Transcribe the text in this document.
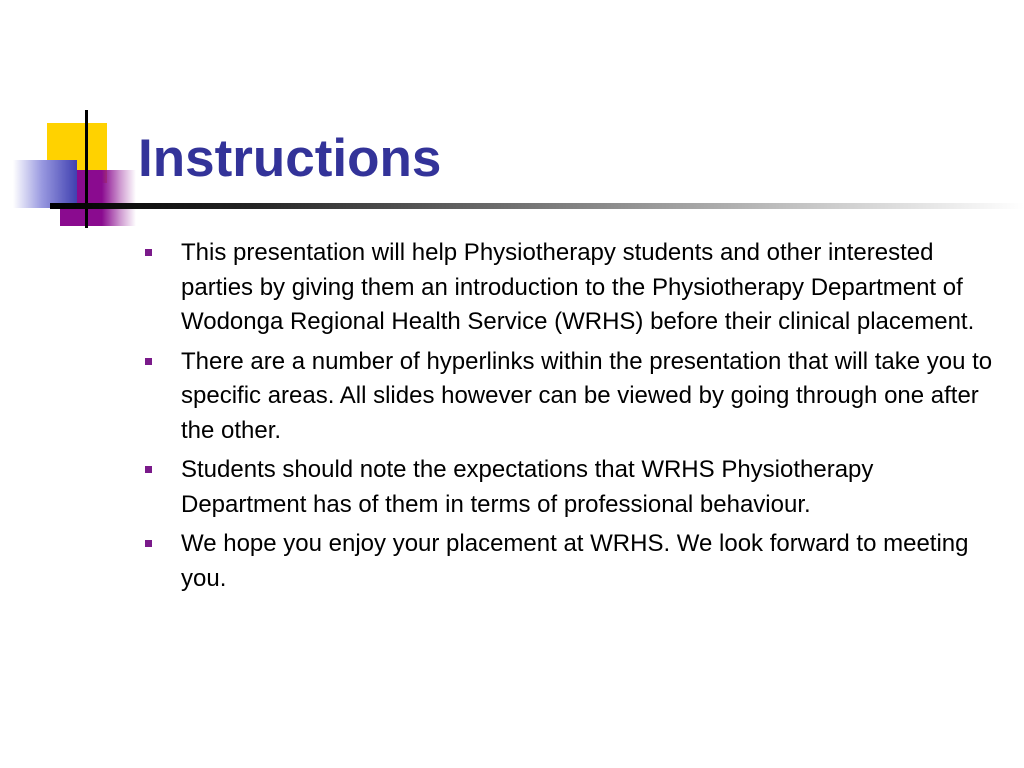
Instructions
This presentation will help Physiotherapy students and other interested parties by giving them an introduction to the Physiotherapy Department of Wodonga Regional Health Service (WRHS) before their clinical placement.
There are a number of hyperlinks within the presentation that will take you to specific areas. All slides however can be viewed by going through one after the other.
Students should note the expectations that WRHS Physiotherapy Department has of them in terms of professional behaviour.
We hope you enjoy your placement at WRHS. We look forward to meeting you.
